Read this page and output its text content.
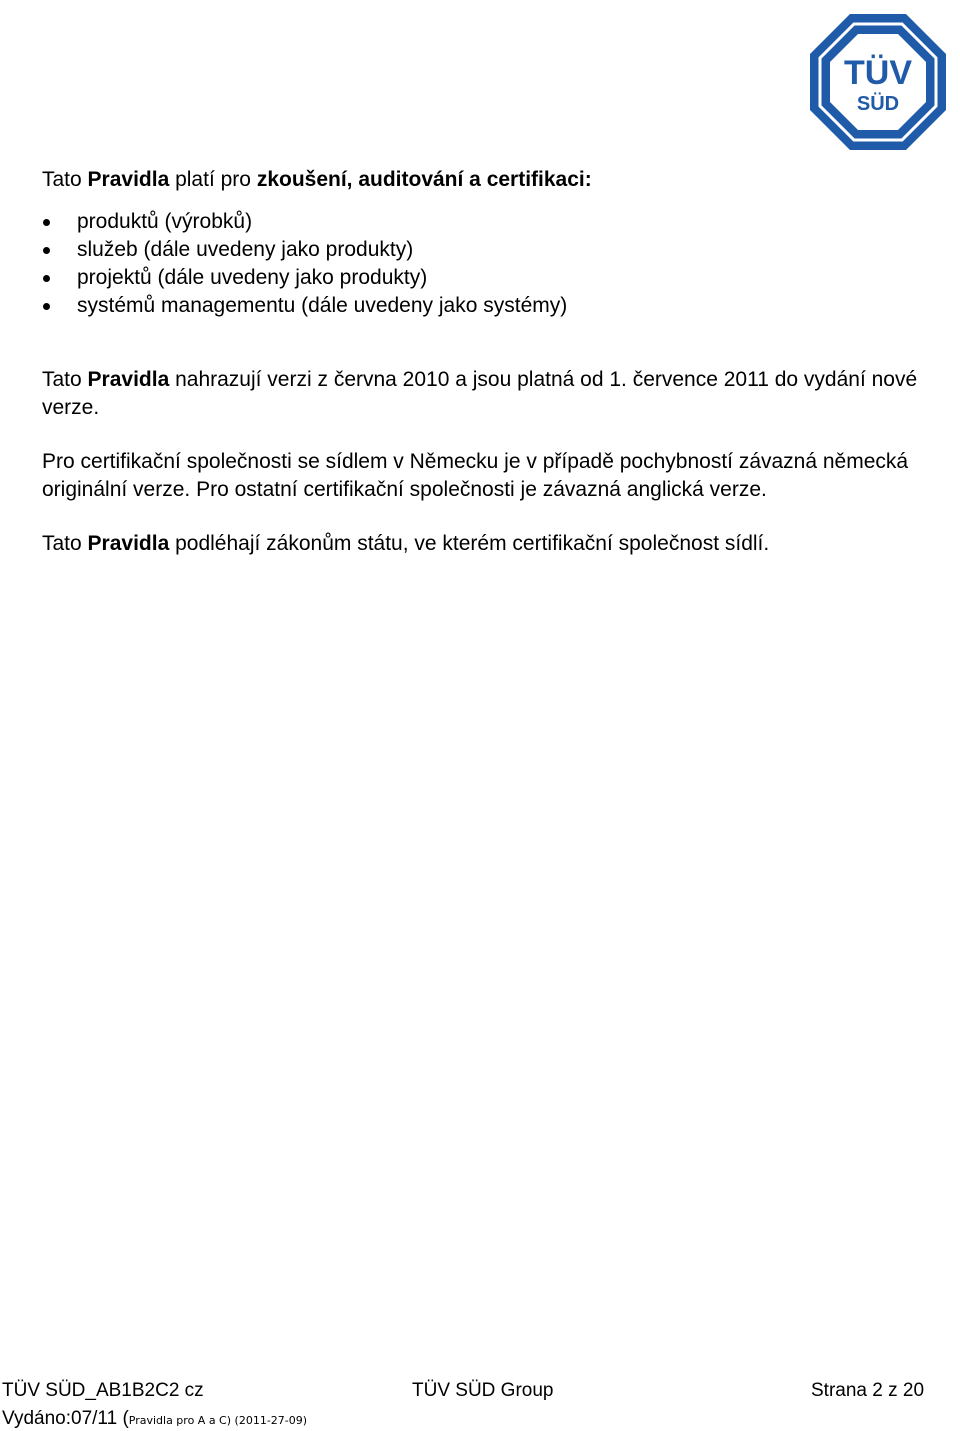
TÜV
SÜD

Tato Pravidla platí pro zkoušení, auditování a certifikaci:

produktů (výrobků)
služeb (dále uvedeny jako produkty)
projektů (dále uvedeny jako produkty)
systémů managementu (dále uvedeny jako systémy)

Tato Pravidla nahrazují verzi z června 2010 a jsou platná od 1. července 2011 do vydání nové verze.

Pro certifikační společnosti se sídlem v Německu je v případě pochybností závazná německá originální verze. Pro ostatní certifikační společnosti je závazná anglická verze.

Tato Pravidla podléhají zákonům státu, ve kterém certifikační společnost sídlí.

TÜV SÜD_AB1B2C2 cz	TÜV SÜD Group	Strana 2 z 20
Vydáno:07/11 (Pravidla pro A a C) (2011-27-09)
